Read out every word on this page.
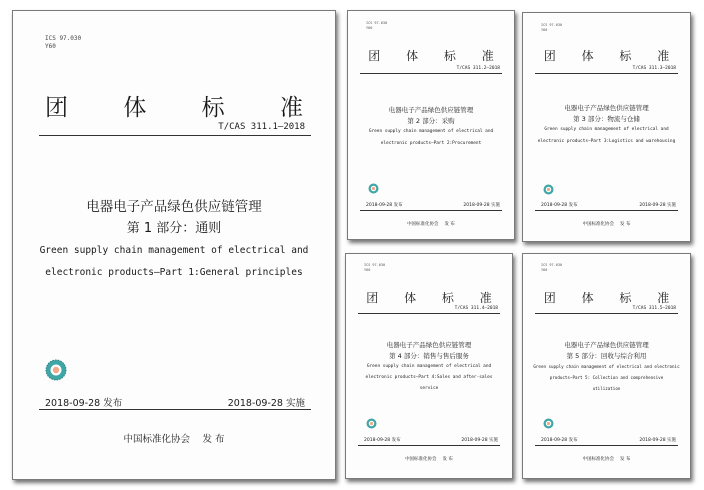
ICS 97.030
Y60
团 体 标 准
T/CAS 311.1—2018
电器电子产品绿色供应链管理
第 1 部分：通则
Green supply chain management of electrical and
electronic products—Part 1:General principles
2018-09-28 发布	2018-09-28 实施
中国标准化协会　 发 布
ICS 97.030
Y60
团 体 标 准
T/CAS 311.2—2018
电器电子产品绿色供应链管理
第 2 部分：采购
Green supply chain management of electrical and
electronic products—Part 2:Procurement
2018-09-28 发布	2018-09-28 实施
中国标准化协会　 发 布
ICS 97.030
Y60
团 体 标 准
T/CAS 311.3—2018
电器电子产品绿色供应链管理
第 3 部分：物流与仓储
Green supply chain management of electrical and
electronic products—Part 3:Logistics and warehousing
2018-09-28 发布	2018-09-28 实施
中国标准化协会　 发 布
ICS 97.030
Y60
团 体 标 准
T/CAS 311.4—2018
电器电子产品绿色供应链管理
第 4 部分：销售与售后服务
Green supply chain management of electrical and
electronic products—Part 4:Sales and after-sales
service
2018-09-28 发布	2018-09-28 实施
中国标准化协会　 发 布
ICS 97.030
Y60
团 体 标 准
T/CAS 311.5—2018
电器电子产品绿色供应链管理
第 5 部分：回收与综合利用
Green supply chain management of electrical and electronic
products—Part 5: Collection and comprehensive
utilization
2018-09-28 发布	2018-09-28 实施
中国标准化协会　 发 布
